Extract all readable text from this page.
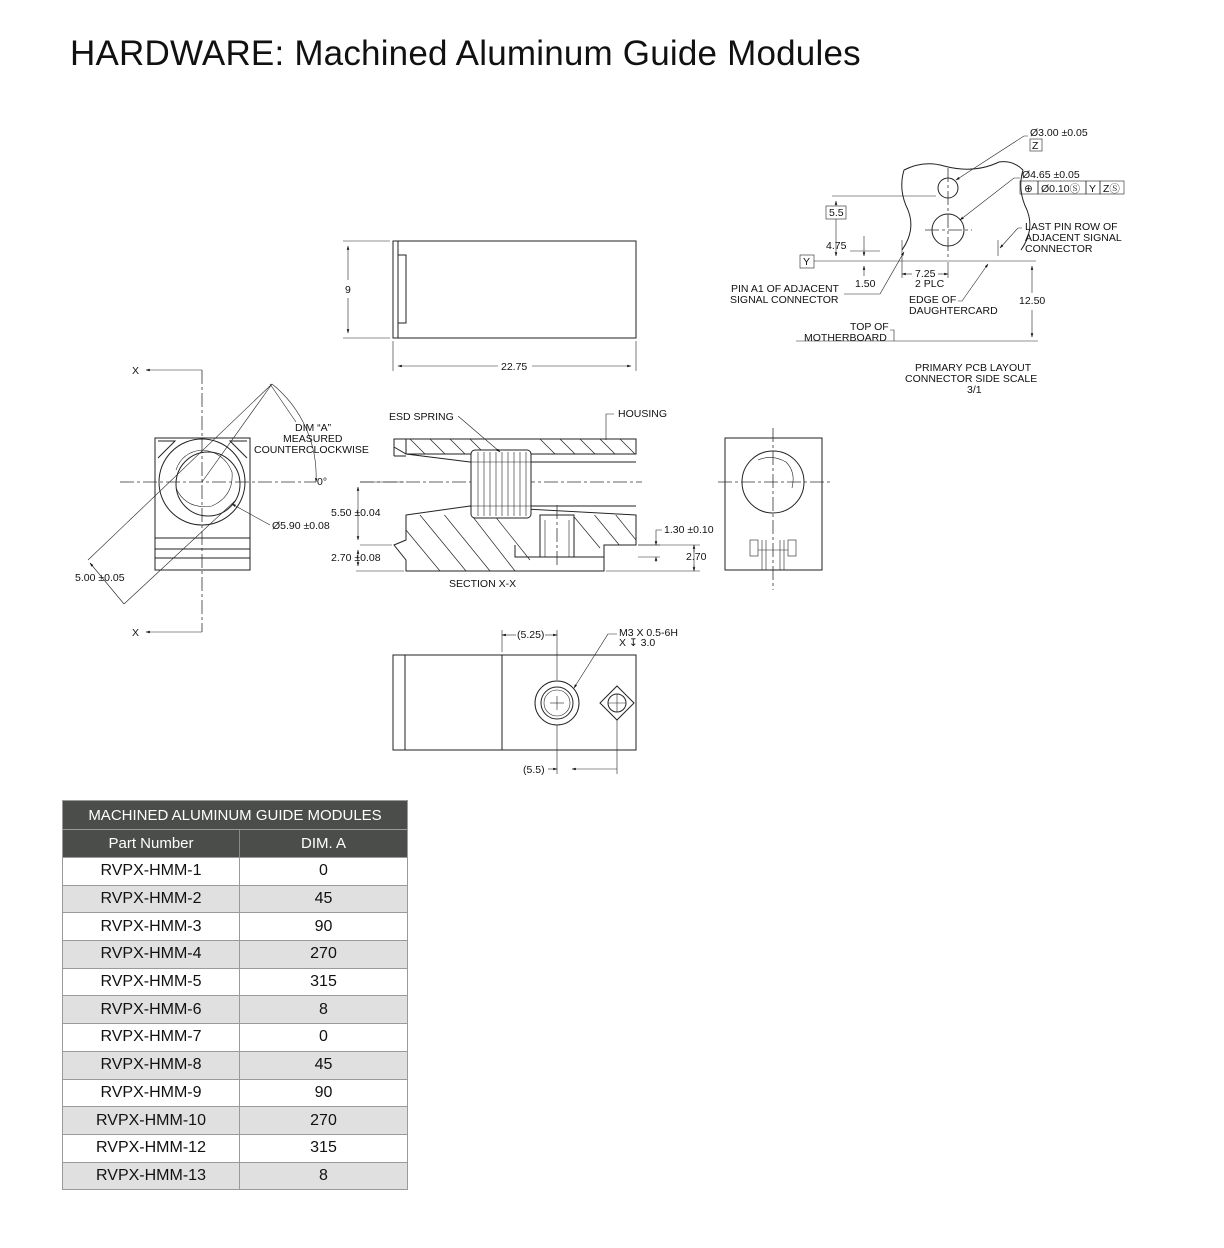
HARDWARE: Machined Aluminum Guide Modules
9
22.75
X
X
DIM “A”
MEASURED
COUNTERCLOCKWISE
0°
Ø5.90 ±0.08
5.00 ±0.05
ESD SPRING	HOUSING
5.50 ±0.04
2.70 ±0.08
1.30 ±0.10
2.70
SECTION X-X
(5.25)	M3 X 0.5-6H
X ↧ 3.0
(5.5)
Ø3.00 ±0.05
Z
Ø4.65 ±0.05
⊕ Ø0.10Ⓢ Y ZⓈ
5.5
4.75
Y
1.50
7.25
2 PLC
LAST PIN ROW OF
ADJACENT SIGNAL
CONNECTOR
PIN A1 OF ADJACENT
SIGNAL CONNECTOR	EDGE OF
DAUGHTERCARD
12.50
TOP OF
MOTHERBOARD
PRIMARY PCB LAYOUT
CONNECTOR SIDE SCALE
3/1
MACHINED ALUMINUM GUIDE MODULES	
Part Number	DIM. A
RVPX-HMM-1	0
RVPX-HMM-2	45
RVPX-HMM-3	90
RVPX-HMM-4	270
RVPX-HMM-5	315
RVPX-HMM-6	8
RVPX-HMM-7	0
RVPX-HMM-8	45
RVPX-HMM-9	90
RVPX-HMM-10	270
RVPX-HMM-12	315
RVPX-HMM-13	8
